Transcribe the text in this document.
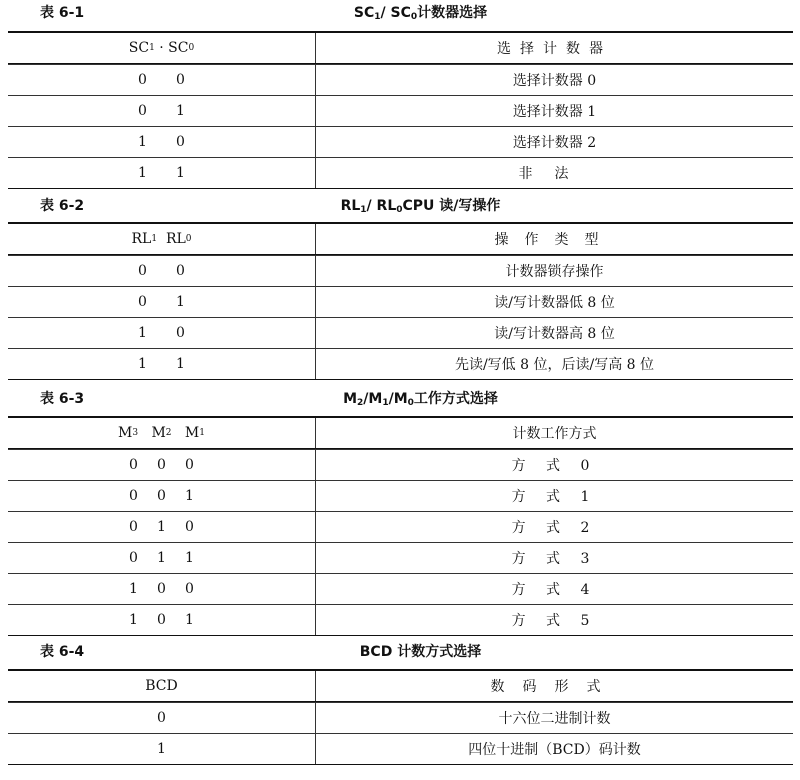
表 6-1	$SC_1/$ $SC_0$计数器选择
SC 1 · SC 0	选择计数器
0	0	选择计数器 0
0	1	选择计数器 1
1	0	选择计数器 2
1	1	非法
表 6-2	$RL_1/$ $RL_0CPU$ 读/写操作
RL 1 RL 0	操作类型
0	0	计数器锁存操作
0	1	读/写计数器低 8 位
1	0	读/写计数器高 8 位
1	1	先读/写低 8 位，后读/写高 8 位
表 6-3	$M_2/M_1/M_0$工作方式选择
M 3 M 2 M 1	计数工作方式
0	0	0	方 式 0
0	0	1	方 式 1
0	1	0	方 式 2
0	1	1	方 式 3
1	0	0	方 式 4
1	0	1	方 式 5
表 6-4	BCD 计数方式选择
BCD	数码形式
0	十六位二进制计数
1	四位十进制（BCD）码计数
